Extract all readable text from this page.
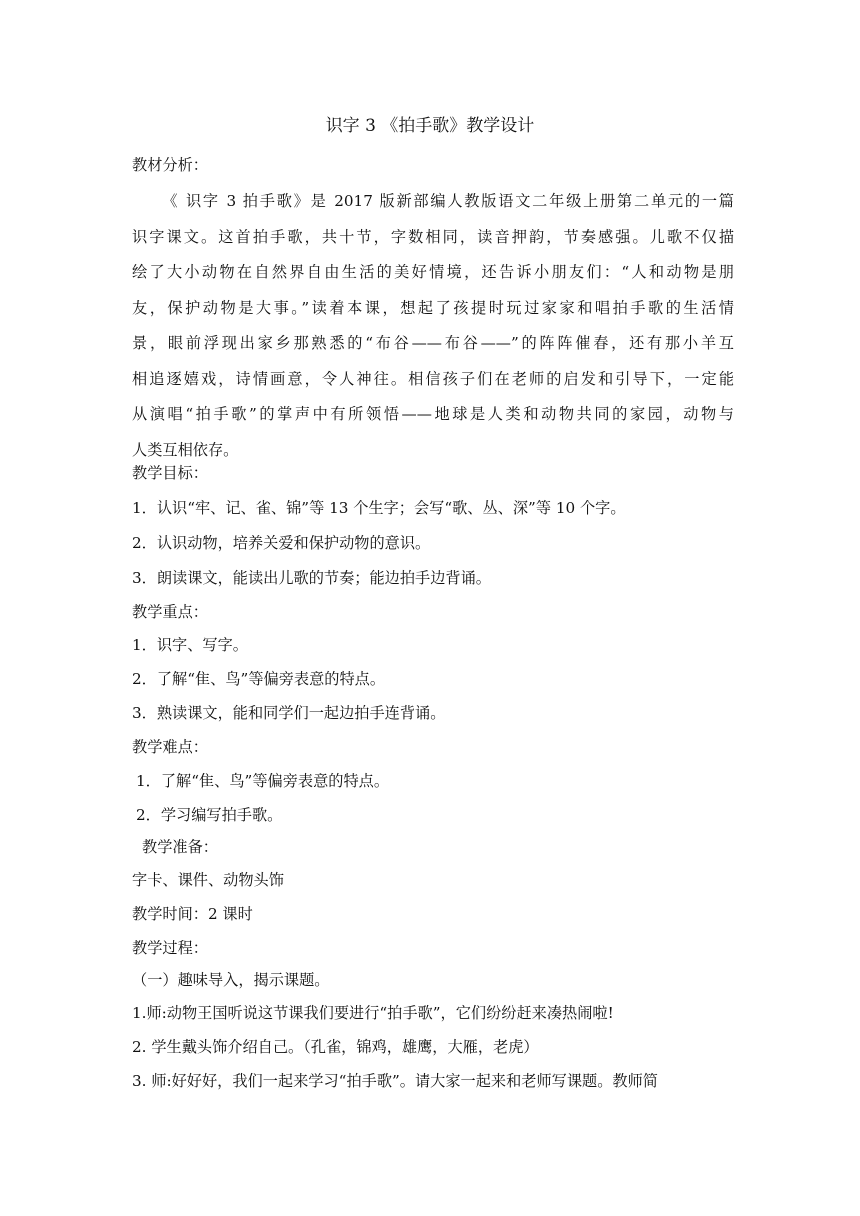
识字 3 《拍手歌》教学设计
教材分析：
《 识字 3 拍手歌》是 2017 版新部编人教版语文二年级上册第二单元的一篇
识字课文。这首拍手歌，共十节，字数相同，读音押韵，节奏感强。儿歌不仅描
绘了大小动物在自然界自由生活的美好情境，还告诉小朋友们：“人和动物是朋
友，保护动物是大事。”读着本课，想起了孩提时玩过家家和唱拍手歌的生活情
景，眼前浮现出家乡那熟悉的“布谷——布谷——”的阵阵催春，还有那小羊互
相追逐嬉戏，诗情画意，令人神往。相信孩子们在老师的启发和引导下，一定能
从演唱“拍手歌”的掌声中有所领悟——地球是人类和动物共同的家园，动物与
人类互相依存。
教学目标：
1．认识“牢、记、雀、锦”等 13 个生字；会写“歌、丛、深”等 10 个字。
2．认识动物，培养关爱和保护动物的意识。
3．朗读课文，能读出儿歌的节奏；能边拍手边背诵。
教学重点：
1．识字、写字。
2．了解“隹、鸟”等偏旁表意的特点。
3．熟读课文，能和同学们一起边拍手连背诵。
教学难点：
1．了解“隹、鸟”等偏旁表意的特点。
2．学习编写拍手歌。
教学准备：
字卡、课件、动物头饰
教学时间：2 课时
教学过程：
（一）趣味导入，揭示课题。
1.师:动物王国听说这节课我们要进行“拍手歌”，它们纷纷赶来凑热闹啦!
2. 学生戴头饰介绍自己。（孔雀，锦鸡，雄鹰，大雁，老虎）
3. 师:好好好，我们一起来学习“拍手歌”。请大家一起来和老师写课题。教师简
